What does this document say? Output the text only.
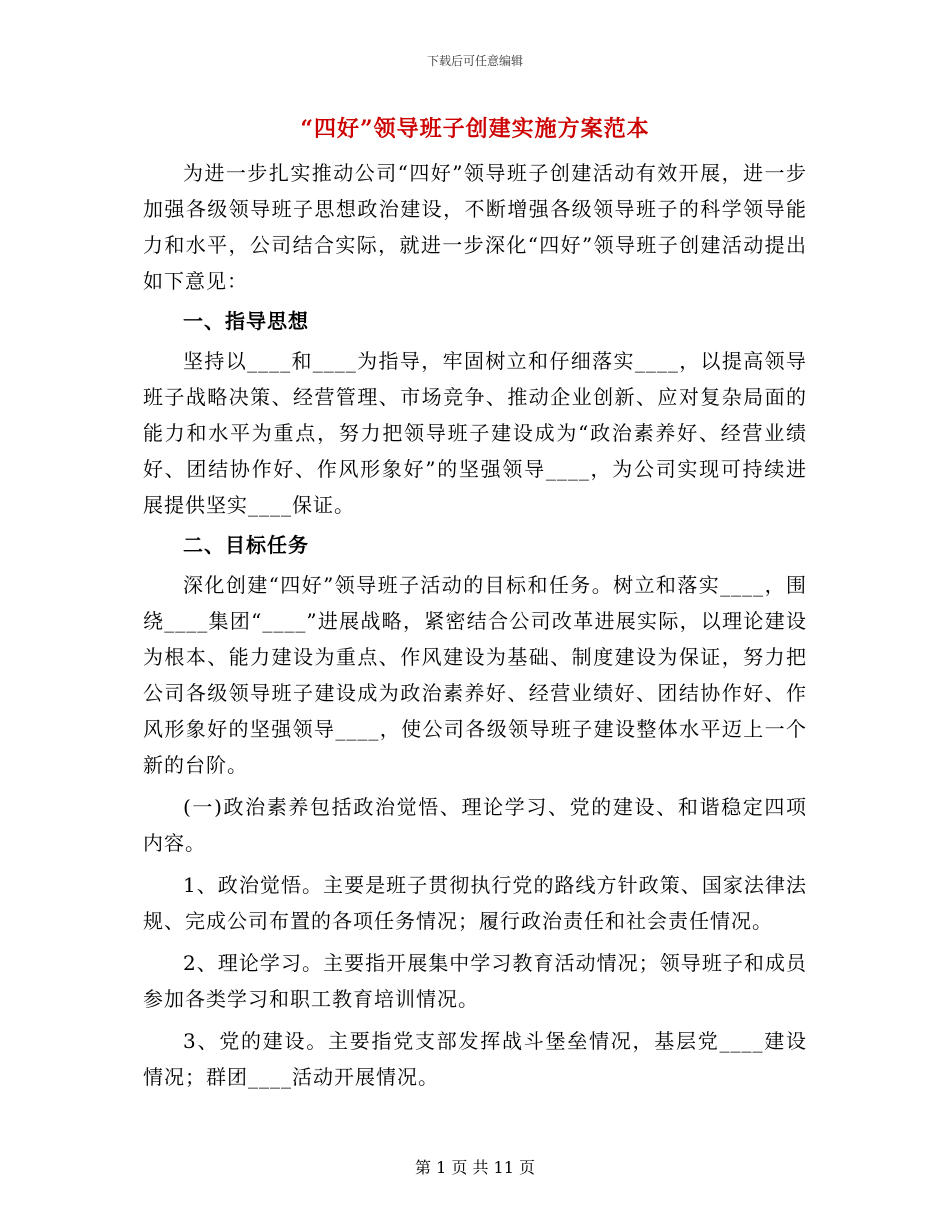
下载后可任意编辑
“四好”领导班子创建实施方案范本

为进一步扎实推动公司“四好”领导班子创建活动有效开展，进一步加强各级领导班子思想政治建设，不断增强各级领导班子的科学领导能力和水平，公司结合实际，就进一步深化“四好”领导班子创建活动提出如下意见：

一、指导思想

坚持以____和____为指导，牢固树立和仔细落实____，以提高领导班子战略决策、经营管理、市场竞争、推动企业创新、应对复杂局面的能力和水平为重点，努力把领导班子建设成为“政治素养好、经营业绩好、团结协作好、作风形象好”的坚强领导____，为公司实现可持续进展提供坚实____保证。

二、目标任务

深化创建“四好”领导班子活动的目标和任务。树立和落实____，围绕____集团“____”进展战略，紧密结合公司改革进展实际，以理论建设为根本、能力建设为重点、作风建设为基础、制度建设为保证，努力把公司各级领导班子建设成为政治素养好、经营业绩好、团结协作好、作风形象好的坚强领导____，使公司各级领导班子建设整体水平迈上一个新的台阶。

(一)政治素养包括政治觉悟、理论学习、党的建设、和谐稳定四项内容。

1、政治觉悟。主要是班子贯彻执行党的路线方针政策、国家法律法规、完成公司布置的各项任务情况；履行政治责任和社会责任情况。

2、理论学习。主要指开展集中学习教育活动情况；领导班子和成员参加各类学习和职工教育培训情况。

3、党的建设。主要指党支部发挥战斗堡垒情况，基层党____建设情况；群团____活动开展情况。

第 1 页 共 11 页
